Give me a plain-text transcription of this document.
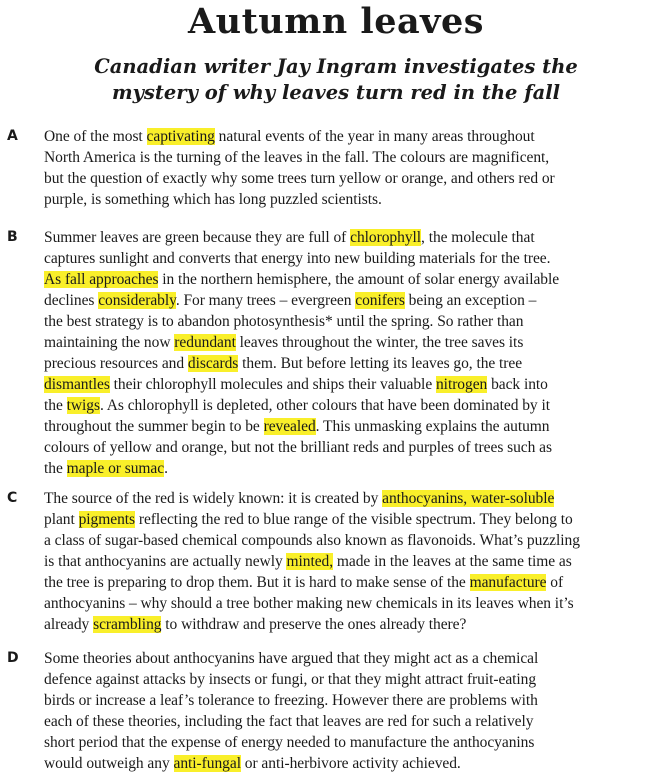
Autumn leaves
Canadian writer Jay Ingram investigates the
mystery of why leaves turn red in the fall
A One of the most captivating natural events of the year in many areas throughout
North America is the turning of the leaves in the fall. The colours are magnificent,
but the question of exactly why some trees turn yellow or orange, and others red or
purple, is something which has long puzzled scientists.
B Summer leaves are green because they are full of chlorophyll, the molecule that
captures sunlight and converts that energy into new building materials for the tree.
As fall approaches in the northern hemisphere, the amount of solar energy available
declines considerably. For many trees – evergreen conifers being an exception –
the best strategy is to abandon photosynthesis* until the spring. So rather than
maintaining the now redundant leaves throughout the winter, the tree saves its
precious resources and discards them. But before letting its leaves go, the tree
dismantles their chlorophyll molecules and ships their valuable nitrogen back into
the twigs. As chlorophyll is depleted, other colours that have been dominated by it
throughout the summer begin to be revealed. This unmasking explains the autumn
colours of yellow and orange, but not the brilliant reds and purples of trees such as
the maple or sumac.
C The source of the red is widely known: it is created by anthocyanins, water-soluble
plant pigments reflecting the red to blue range of the visible spectrum. They belong to
a class of sugar-based chemical compounds also known as flavonoids. What’s puzzling
is that anthocyanins are actually newly minted, made in the leaves at the same time as
the tree is preparing to drop them. But it is hard to make sense of the manufacture of
anthocyanins – why should a tree bother making new chemicals in its leaves when it’s
already scrambling to withdraw and preserve the ones already there?
D Some theories about anthocyanins have argued that they might act as a chemical
defence against attacks by insects or fungi, or that they might attract fruit-eating
birds or increase a leaf’s tolerance to freezing. However there are problems with
each of these theories, including the fact that leaves are red for such a relatively
short period that the expense of energy needed to manufacture the anthocyanins
would outweigh any anti-fungal or anti-herbivore activity achieved.
